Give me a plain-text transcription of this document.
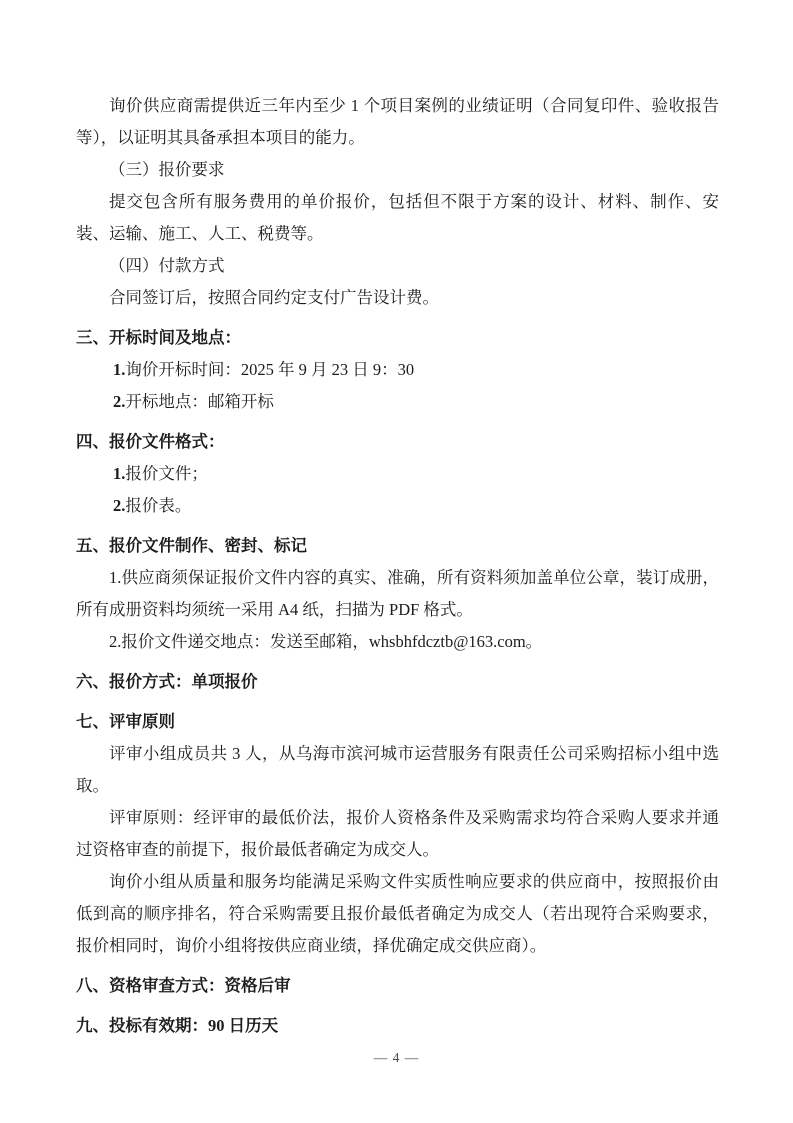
询价供应商需提供近三年内至少 1 个项目案例的业绩证明（合同复印件、验收报告等），以证明其具备承担本项目的能力。

（三）报价要求

提交包含所有服务费用的单价报价，包括但不限于方案的设计、材料、制作、安装、运输、施工、人工、税费等。

（四）付款方式

合同签订后，按照合同约定支付广告设计费。

三、开标时间及地点：

1.询价开标时间：2025 年 9 月 23 日 9：30

2.开标地点：邮箱开标

四、报价文件格式：

1.报价文件；

2.报价表。

五、报价文件制作、密封、标记

1.供应商须保证报价文件内容的真实、准确，所有资料须加盖单位公章，装订成册，所有成册资料均须统一采用 A4 纸，扫描为 PDF 格式。

2.报价文件递交地点：发送至邮箱，whsbhfdcztb@163.com。

六、报价方式：单项报价

七、评审原则

评审小组成员共 3 人，从乌海市滨河城市运营服务有限责任公司采购招标小组中选取。

评审原则：经评审的最低价法，报价人资格条件及采购需求均符合采购人要求并通过资格审查的前提下，报价最低者确定为成交人。

询价小组从质量和服务均能满足采购文件实质性响应要求的供应商中，按照报价由低到高的顺序排名，符合采购需要且报价最低者确定为成交人（若出现符合采购要求，报价相同时，询价小组将按供应商业绩，择优确定成交供应商）。

八、资格审查方式：资格后审

九、投标有效期：90 日历天

— 4 —
